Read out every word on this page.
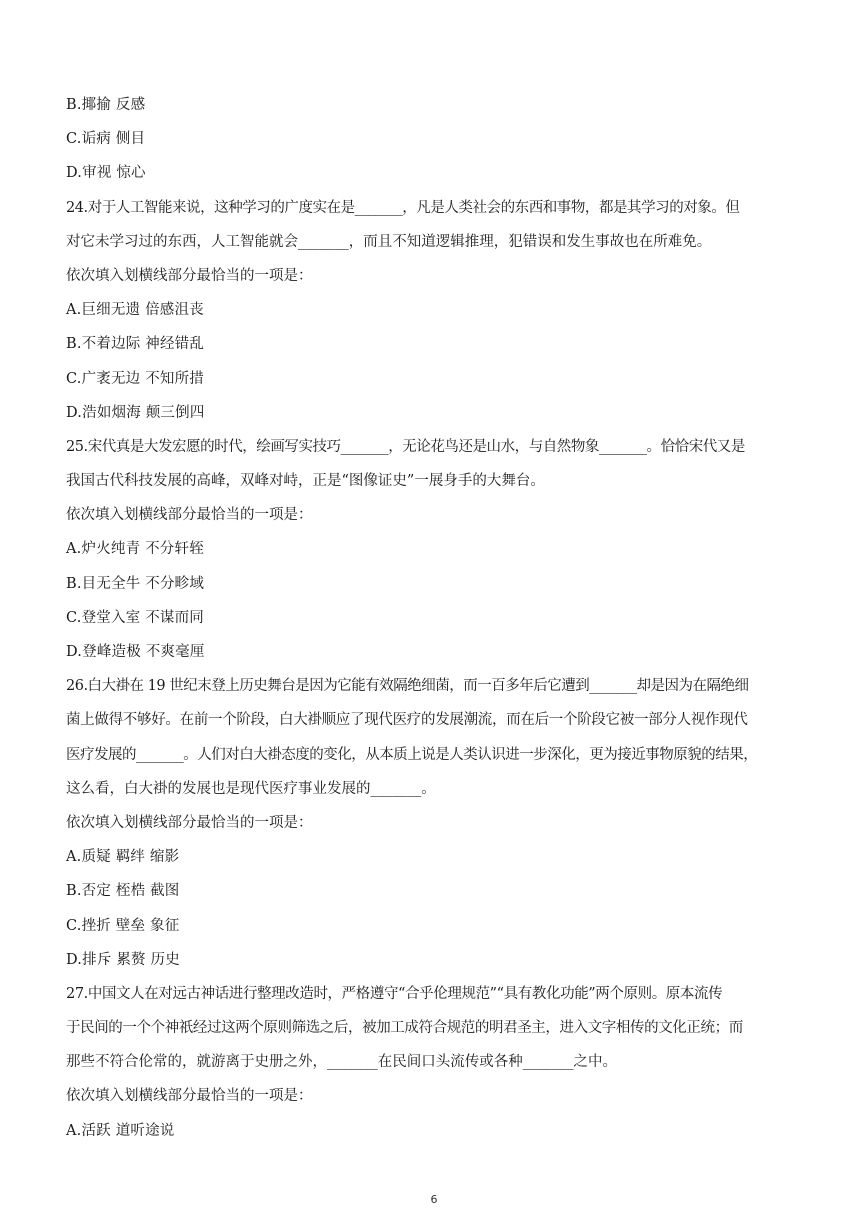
B.揶揄 反感
C.诟病 侧目
D.审视 惊心
24.对于人工智能来说，这种学习的广度实在是_______，凡是人类社会的东西和事物，都是其学习的对象。但
对它未学习过的东西，人工智能就会_______，而且不知道逻辑推理，犯错误和发生事故也在所难免。
依次填入划横线部分最恰当的一项是：
A.巨细无遗 倍感沮丧
B.不着边际 神经错乱
C.广袤无边 不知所措
D.浩如烟海 颠三倒四
25.宋代真是大发宏愿的时代，绘画写实技巧_______，无论花鸟还是山水，与自然物象_______。恰恰宋代又是
我国古代科技发展的高峰，双峰对峙，正是“图像证史”一展身手的大舞台。
依次填入划横线部分最恰当的一项是：
A.炉火纯青 不分轩轾
B.目无全牛 不分畛域
C.登堂入室 不谋而同
D.登峰造极 不爽毫厘
26.白大褂在 19 世纪末登上历史舞台是因为它能有效隔绝细菌，而一百多年后它遭到_______却是因为在隔绝细
菌上做得不够好。在前一个阶段，白大褂顺应了现代医疗的发展潮流，而在后一个阶段它被一部分人视作现代
医疗发展的_______。人们对白大褂态度的变化，从本质上说是人类认识进一步深化，更为接近事物原貌的结果，
这么看，白大褂的发展也是现代医疗事业发展的_______。
依次填入划横线部分最恰当的一项是：
A.质疑 羁绊 缩影
B.否定 桎梏 截图
C.挫折 壁垒 象征
D.排斥 累赘 历史
27.中国文人在对远古神话进行整理改造时，严格遵守“合乎伦理规范”“具有教化功能”两个原则。原本流传
于民间的一个个神祇经过这两个原则筛选之后，被加工成符合规范的明君圣主，进入文字相传的文化正统；而
那些不符合伦常的，就游离于史册之外，_______在民间口头流传或各种_______之中。
依次填入划横线部分最恰当的一项是：
A.活跃 道听途说
6
